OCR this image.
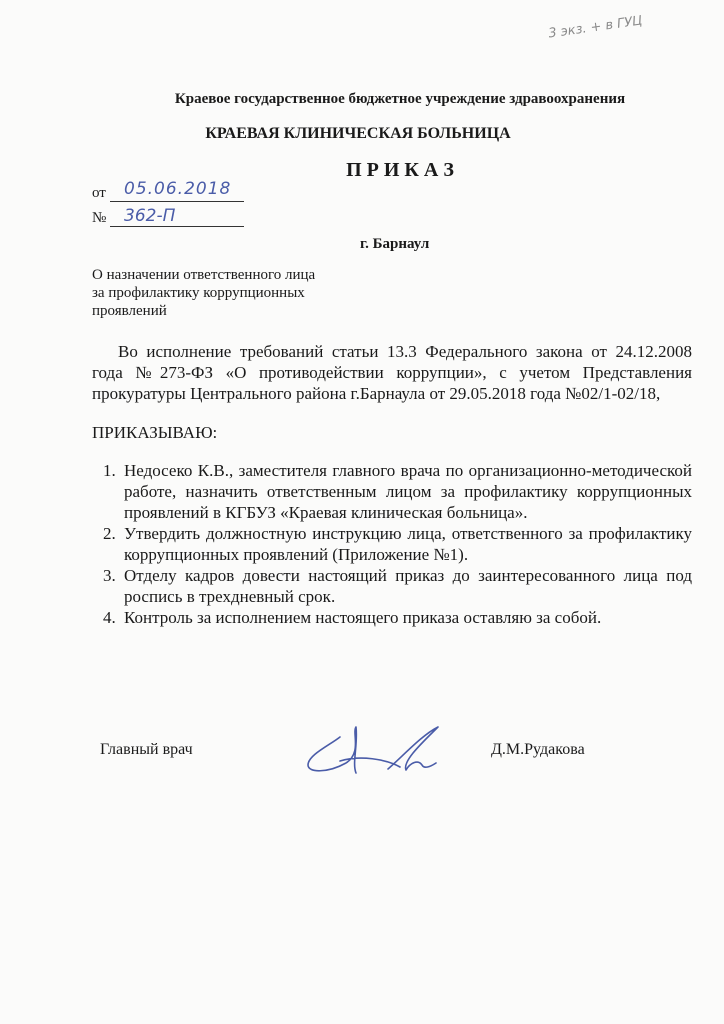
3 экз. + в ГУЦ
Краевое государственное бюджетное учреждение здравоохранения
КРАЕВАЯ КЛИНИЧЕСКАЯ БОЛЬНИЦА
П Р И К А З
от 05.06.2018
№ 362-П
г. Барнаул
О назначении ответственного лица
за профилактику коррупционных
проявлений
Во исполнение требований статьи 13.3 Федерального закона от 24.12.2008 года №273-ФЗ «О противодействии коррупции», с учетом Представления прокуратуры Центрального района г.Барнаула от 29.05.2018 года №02/1-02/18,
ПРИКАЗЫВАЮ:
1. Недосеко К.В., заместителя главного врача по организационно-методической работе, назначить ответственным лицом за профилактику коррупционных проявлений в КГБУЗ «Краевая клиническая больница».
2. Утвердить должностную инструкцию лица, ответственного за профилактику коррупционных проявлений (Приложение №1).
3. Отделу кадров довести настоящий приказ до заинтересованного лица под роспись в трехдневный срок.
4. Контроль за исполнением настоящего приказа оставляю за собой.
Главный врач	Д.М.Рудакова
